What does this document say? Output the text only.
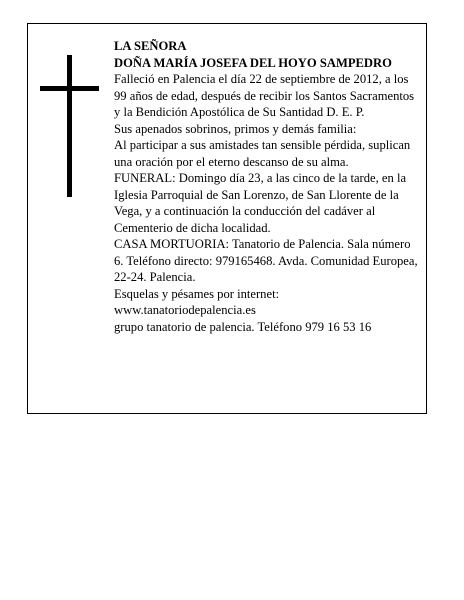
LA SEÑORA
DOÑA MARÍA JOSEFA DEL HOYO SAMPEDRO
Falleció en Palencia el día 22 de septiembre de 2012, a los 99 años de edad, después de recibir los Santos Sacramentos y la Bendición Apostólica de Su Santidad D. E. P.
Sus apenados sobrinos, primos y demás familia:
Al participar a sus amistades tan sensible pérdida, suplican una oración por el eterno descanso de su alma.
FUNERAL: Domingo día 23, a las cinco de la tarde, en la Iglesia Parroquial de San Lorenzo, de San Llorente de la Vega, y a continuación la conducción del cadáver al Cementerio de dicha localidad.
CASA MORTUORIA: Tanatorio de Palencia. Sala número 6. Teléfono directo: 979165468. Avda. Comunidad Europea, 22-24. Palencia.
Esquelas y pésames por internet:
www.tanatoriodepalencia.es
grupo tanatorio de palencia. Teléfono 979 16 53 16
